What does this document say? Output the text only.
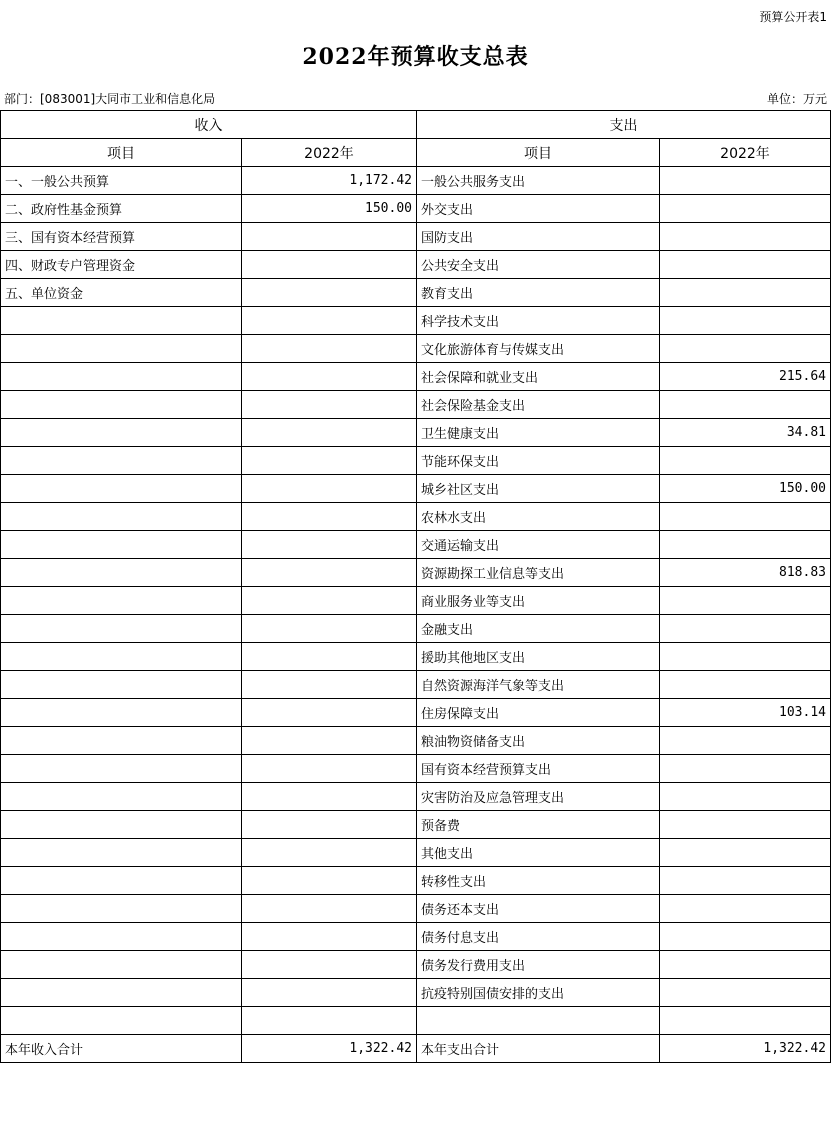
预算公开表1
2022年预算收支总表
部门：[083001]大同市工业和信息化局	单位：万元
收入		支出	
项目	2022年	项目	2022年
一、一般公共预算	1,172.42	一般公共服务支出	
二、政府性基金预算	150.00	外交支出	
三、国有资本经营预算		国防支出	
四、财政专户管理资金		公共安全支出	
五、单位资金		教育支出	
		科学技术支出	
		文化旅游体育与传媒支出	
		社会保障和就业支出	215.64
		社会保险基金支出	
		卫生健康支出	34.81
		节能环保支出	
		城乡社区支出	150.00
		农林水支出	
		交通运输支出	
		资源勘探工业信息等支出	818.83
		商业服务业等支出	
		金融支出	
		援助其他地区支出	
		自然资源海洋气象等支出	
		住房保障支出	103.14
		粮油物资储备支出	
		国有资本经营预算支出	
		灾害防治及应急管理支出	
		预备费	
		其他支出	
		转移性支出	
		债务还本支出	
		债务付息支出	
		债务发行费用支出	
		抗疫特别国债安排的支出	

本年收入合计	1,322.42	本年支出合计	1,322.42
